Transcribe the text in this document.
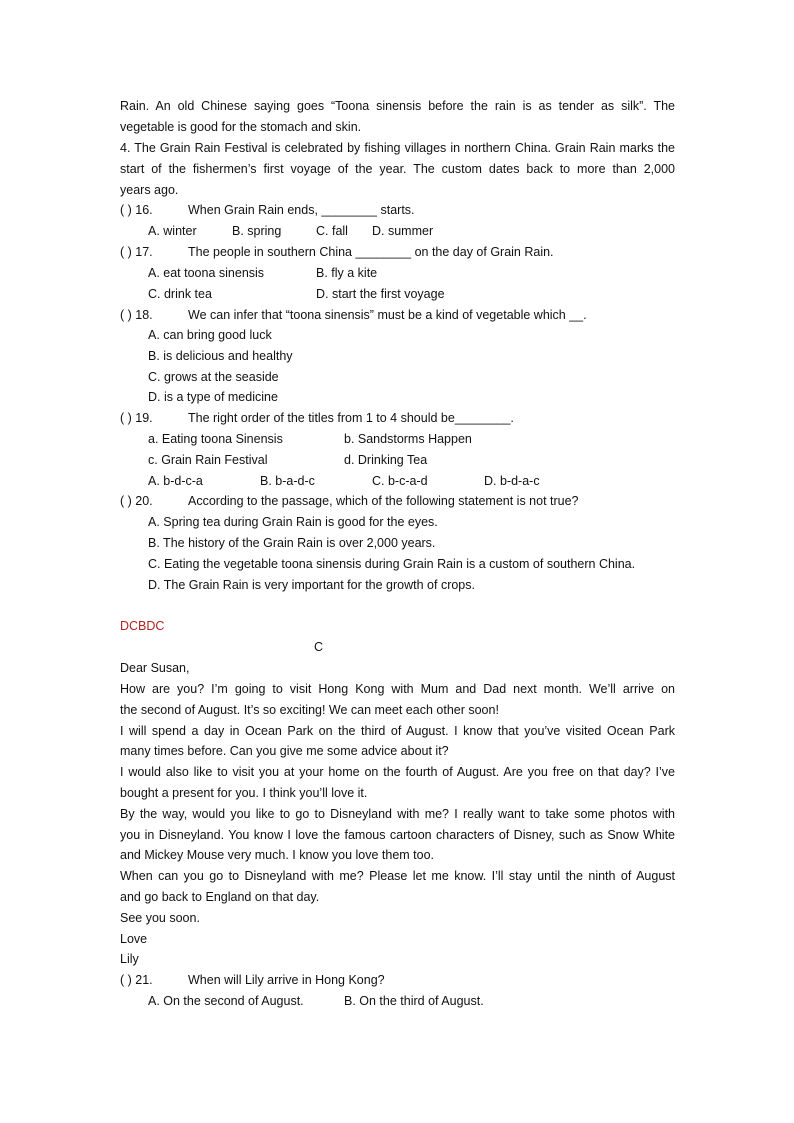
Rain. An old Chinese saying goes “Toona sinensis before the rain is as tender as silk”. The
vegetable is good for the stomach and skin.
4. The Grain Rain Festival is celebrated by fishing villages in northern China. Grain Rain marks the
start of the fishermen’s first voyage of the year. The custom dates back to more than 2,000
years ago.
( ) 16.	When Grain Rain ends, ________ starts.
A. winter	B. spring	C. fall D. summer
( ) 17.	The people in southern China ________ on the day of Grain Rain.
A. eat toona sinensis	B. fly a kite
C. drink tea	D. start the first voyage
( ) 18.	We can infer that “toona sinensis” must be a kind of vegetable which __.
A. can bring good luck
B. is delicious and healthy
C. grows at the seaside
D. is a type of medicine
( ) 19.	The right order of the titles from 1 to 4 should be________.
a. Eating toona Sinensis	b. Sandstorms Happen
c. Grain Rain Festival	d. Drinking Tea
A. b-d-c-a	B. b-a-d-c	C. b-c-a-d	D. b-d-a-c
( ) 20.	According to the passage, which of the following statement is not true?
A. Spring tea during Grain Rain is good for the eyes.
B. The history of the Grain Rain is over 2,000 years.
C. Eating the vegetable toona sinensis during Grain Rain is a custom of southern China.
D. The Grain Rain is very important for the growth of crops.
DCBDC
C
Dear Susan,
How are you? I’m going to visit Hong Kong with Mum and Dad next month. We’ll arrive on
the second of August. It’s so exciting! We can meet each other soon!
I will spend a day in Ocean Park on the third of August. I know that you’ve visited Ocean Park
many times before. Can you give me some advice about it?
I would also like to visit you at your home on the fourth of August. Are you free on that day? I’ve
bought a present for you. I think you’ll love it.
By the way, would you like to go to Disneyland with me? I really want to take some photos with
you in Disneyland. You know I love the famous cartoon characters of Disney, such as Snow White
and Mickey Mouse very much. I know you love them too.
When can you go to Disneyland with me? Please let me know. I’ll stay until the ninth of August
and go back to England on that day.
See you soon.
Love
Lily
( ) 21.	When will Lily arrive in Hong Kong?
A. On the second of August.	B. On the third of August.
